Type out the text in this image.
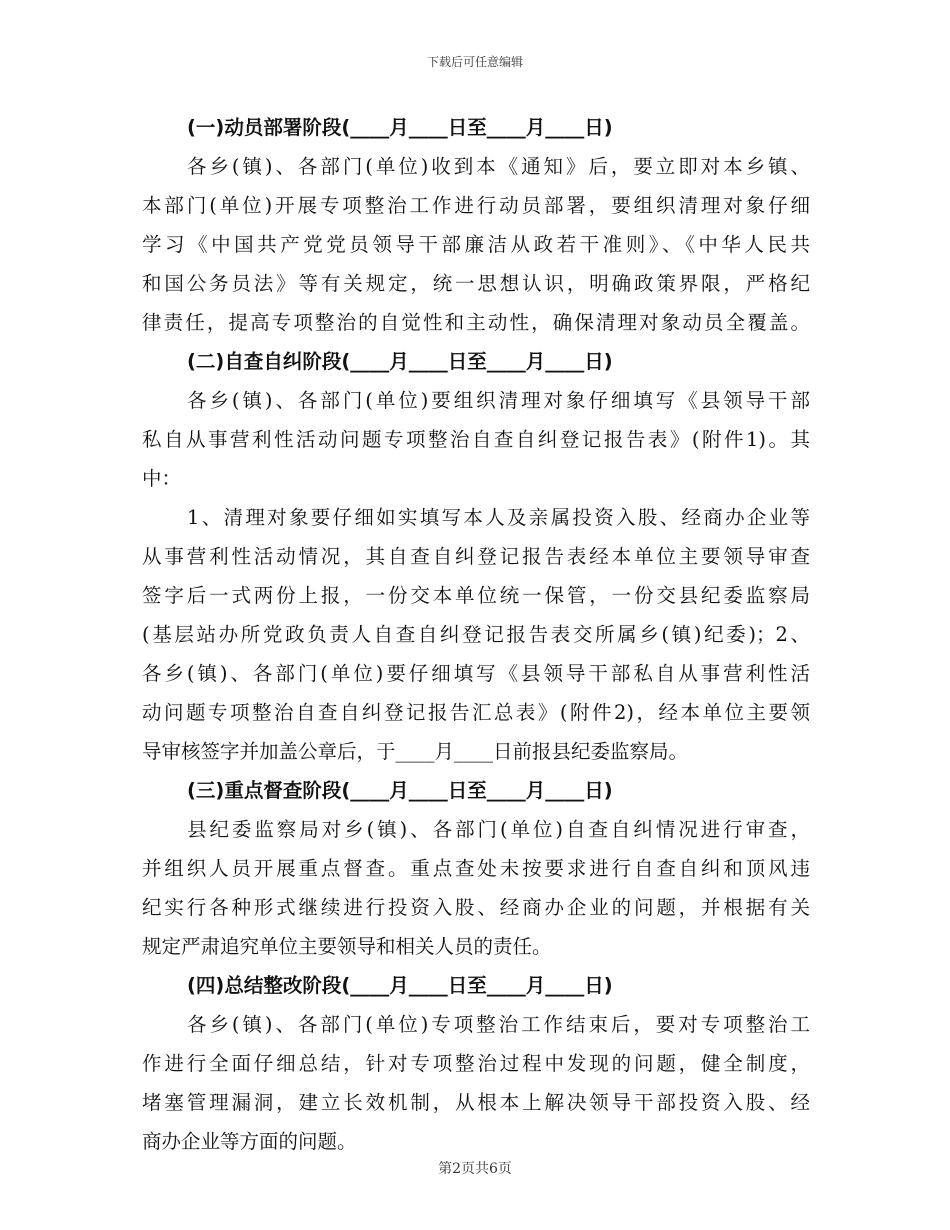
下载后可任意编辑
(一)动员部署阶段(____月____日至____月____日)
各乡(镇)、各部门(单位)收到本《通知》后，要立即对本乡镇、
本部门(单位)开展专项整治工作进行动员部署，要组织清理对象仔细
学习《中国共产党党员领导干部廉洁从政若干准则》、《中华人民共
和国公务员法》等有关规定，统一思想认识，明确政策界限，严格纪
律责任，提高专项整治的自觉性和主动性，确保清理对象动员全覆盖。
(二)自查自纠阶段(____月____日至____月____日)
各乡(镇)、各部门(单位)要组织清理对象仔细填写《县领导干部
私自从事营利性活动问题专项整治自查自纠登记报告表》(附件1)。其
中：
1、清理对象要仔细如实填写本人及亲属投资入股、经商办企业等
从事营利性活动情况，其自查自纠登记报告表经本单位主要领导审查
签字后一式两份上报，一份交本单位统一保管，一份交县纪委监察局
(基层站办所党政负责人自查自纠登记报告表交所属乡(镇)纪委)；2、
各乡(镇)、各部门(单位)要仔细填写《县领导干部私自从事营利性活
动问题专项整治自查自纠登记报告汇总表》(附件2)，经本单位主要领
导审核签字并加盖公章后，于____月____日前报县纪委监察局。
(三)重点督查阶段(____月____日至____月____日)
县纪委监察局对乡(镇)、各部门(单位)自查自纠情况进行审查，
并组织人员开展重点督查。重点查处未按要求进行自查自纠和顶风违
纪实行各种形式继续进行投资入股、经商办企业的问题，并根据有关
规定严肃追究单位主要领导和相关人员的责任。
(四)总结整改阶段(____月____日至____月____日)
各乡(镇)、各部门(单位)专项整治工作结束后，要对专项整治工
作进行全面仔细总结，针对专项整治过程中发现的问题，健全制度，
堵塞管理漏洞，建立长效机制，从根本上解决领导干部投资入股、经
商办企业等方面的问题。
第2页共6页
